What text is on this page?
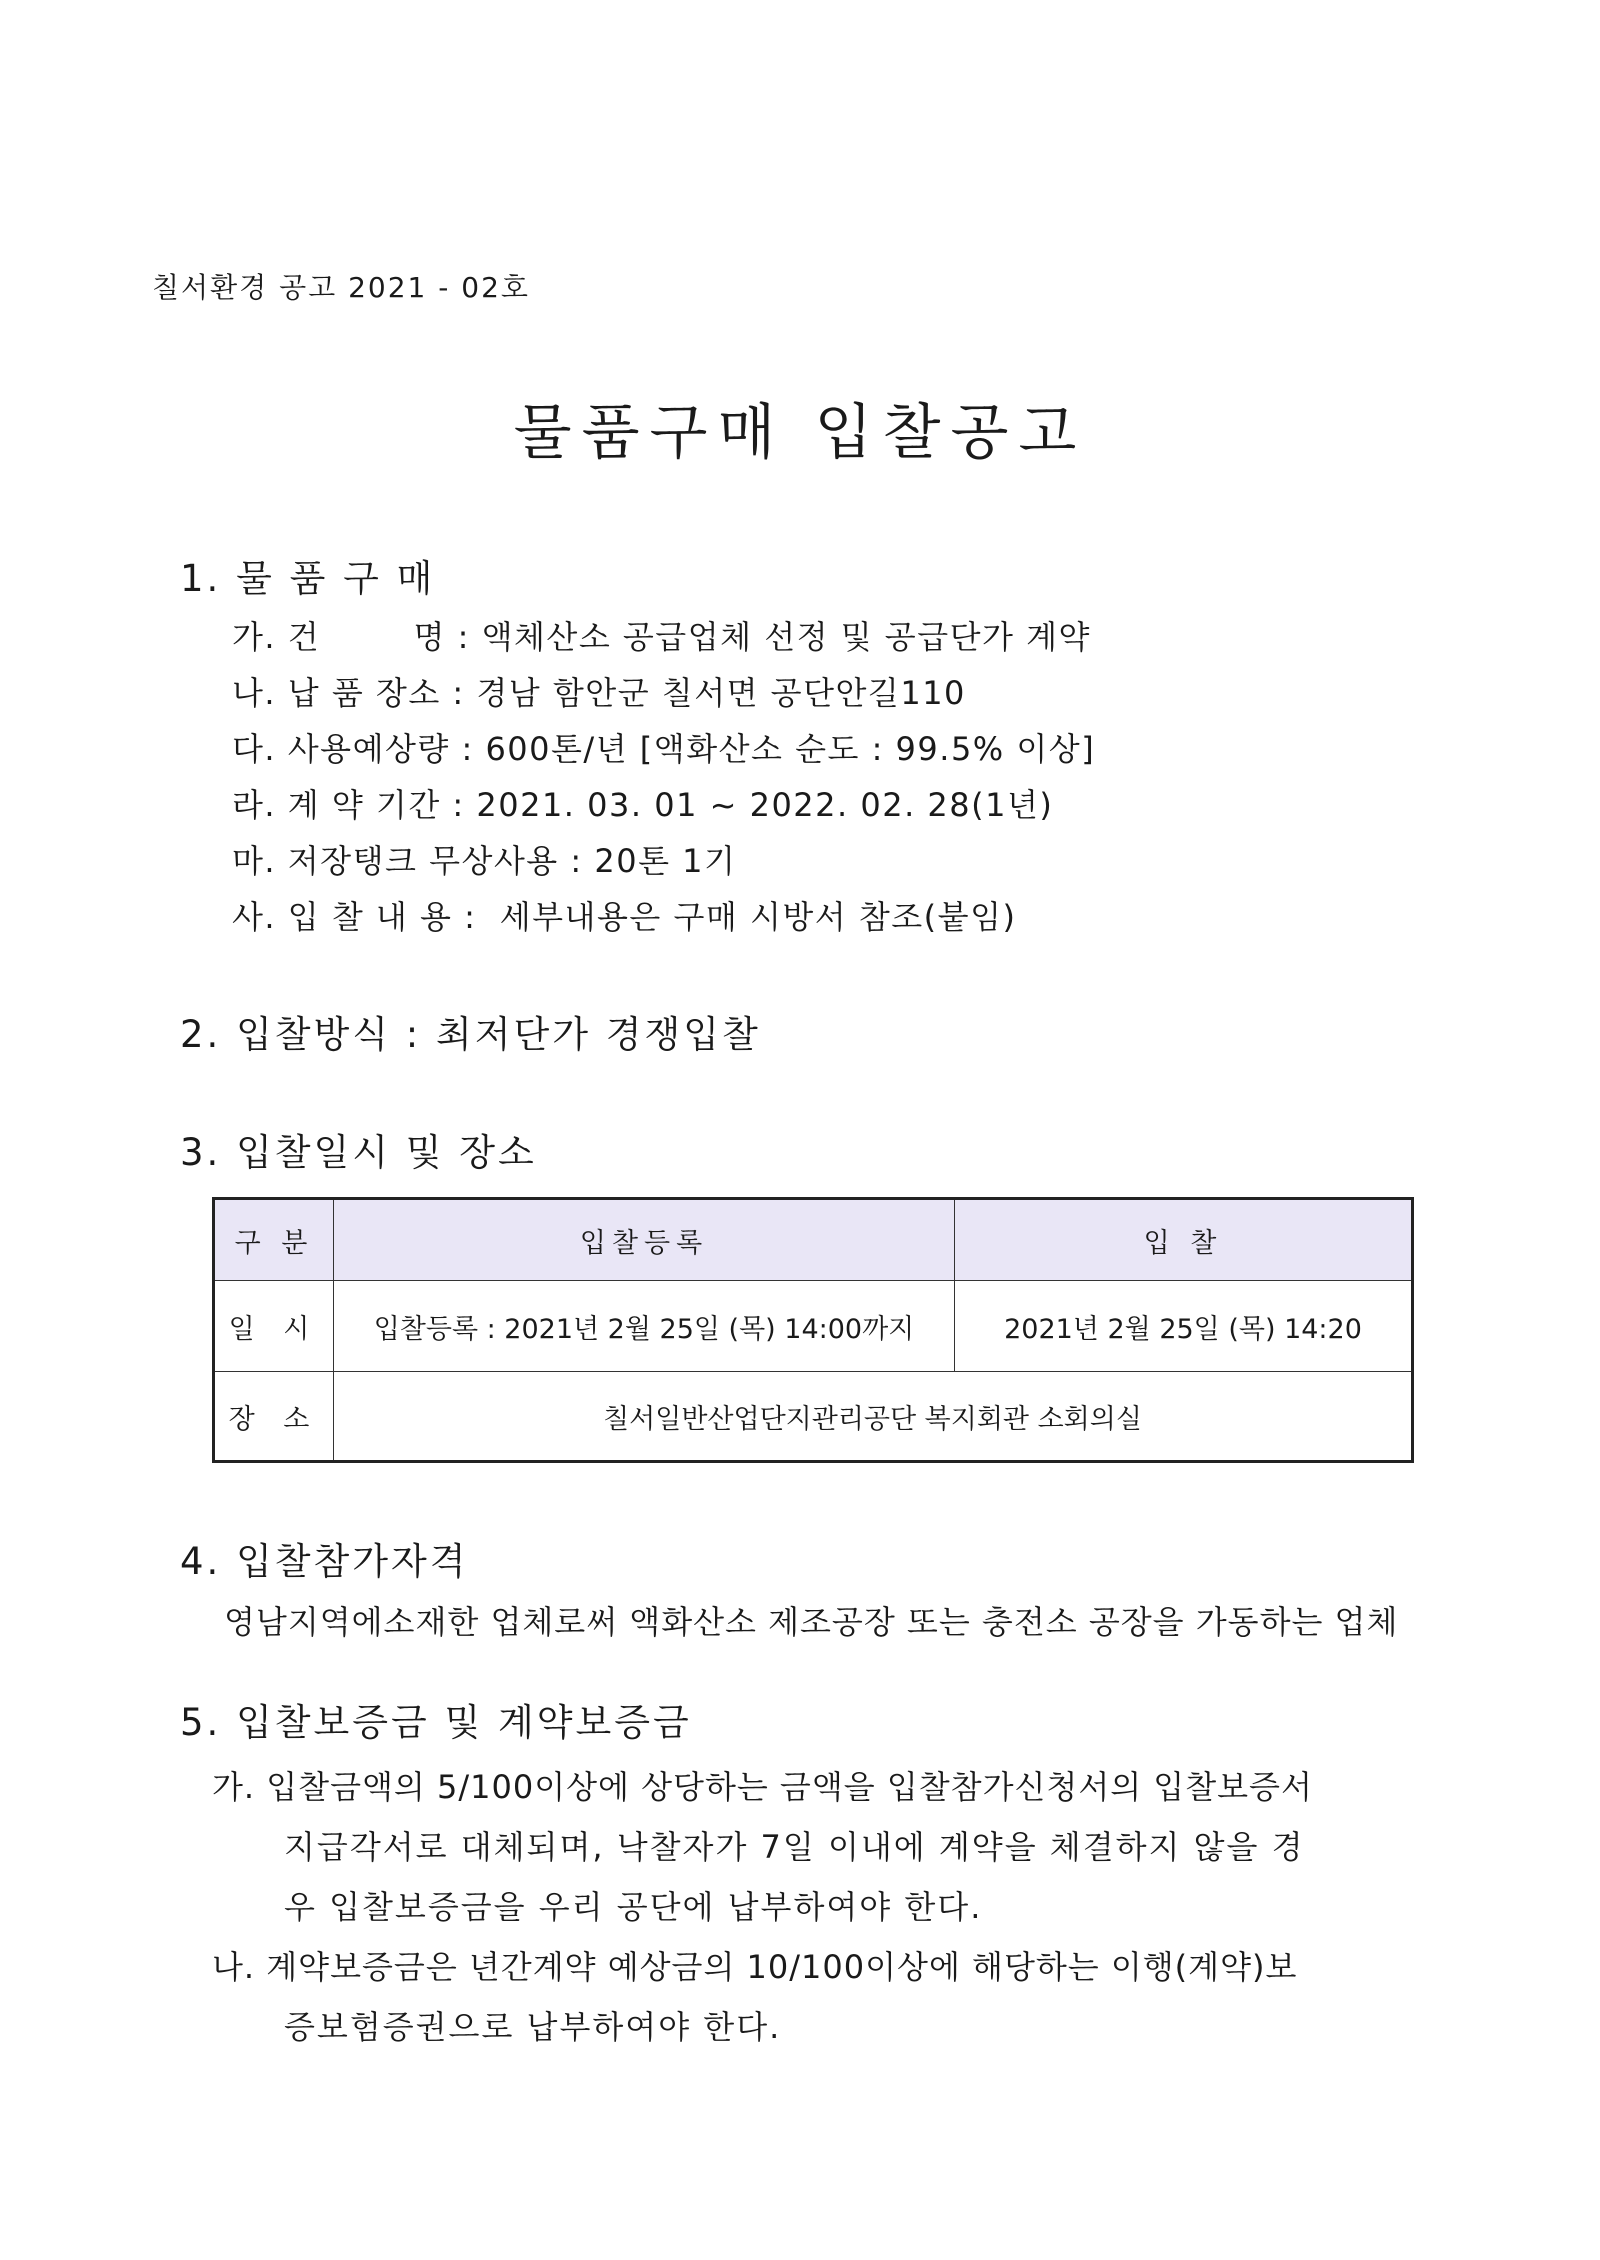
칠서환경 공고 2021 - 02호
물품구매 입찰공고
1. 물 품 구 매
가. 건        명 : 액체산소 공급업체 선정 및 공급단가 계약
나. 납 품 장소 : 경남 함안군 칠서면 공단안길110
다. 사용예상량 : 600톤/년 [액화산소 순도 : 99.5% 이상]
라. 계 약 기간 : 2021. 03. 01 ~ 2022. 02. 28(1년)
마. 저장탱크 무상사용 : 20톤 1기
사. 입 찰 내 용 :  세부내용은 구매 시방서 참조(붙임)
2. 입찰방식 : 최저단가 경쟁입찰
3. 입찰일시 및 장소
구 분	입찰등록	입 찰
일 시	입찰등록 : 2021년 2월 25일 (목) 14:00까지	2021년 2월 25일 (목) 14:20
장 소	칠서일반산업단지관리공단 복지회관 소회의실	
4. 입찰참가자격
영남지역에소재한 업체로써 액화산소 제조공장 또는 충전소 공장을 가동하는 업체
5. 입찰보증금 및 계약보증금
가. 입찰금액의 5/100이상에 상당하는 금액을 입찰참가신청서의 입찰보증서
지급각서로 대체되며, 낙찰자가 7일 이내에 계약을 체결하지 않을 경
우 입찰보증금을 우리 공단에 납부하여야 한다.
나. 계약보증금은 년간계약 예상금의 10/100이상에 해당하는 이행(계약)보
증보험증권으로 납부하여야 한다.
